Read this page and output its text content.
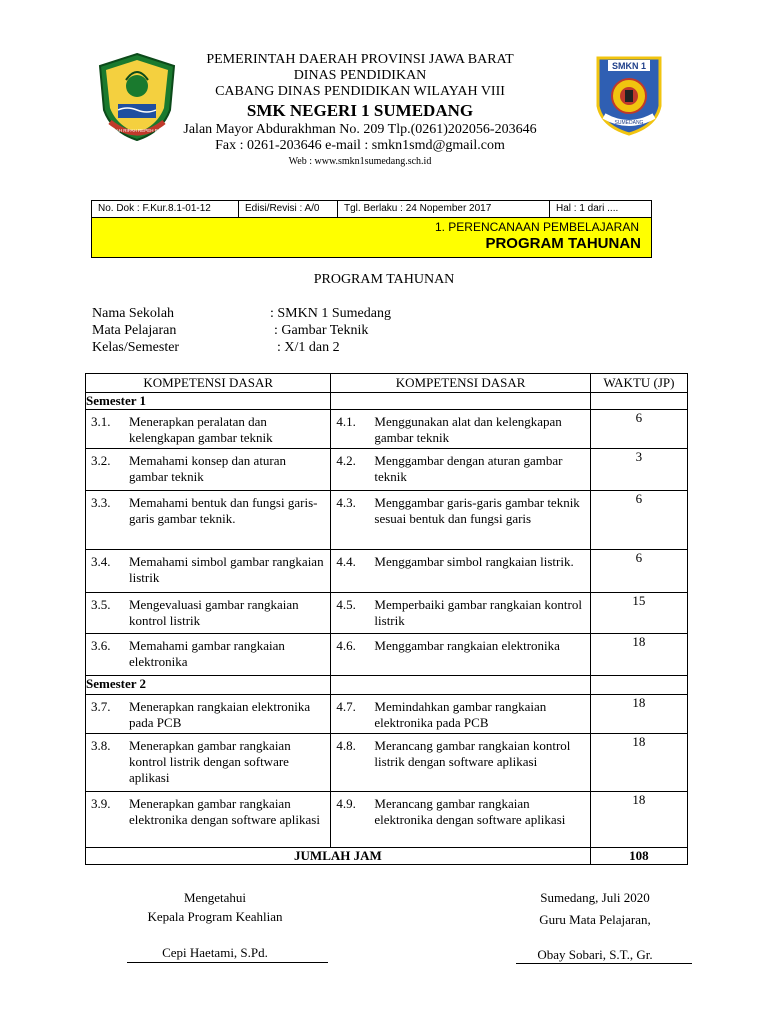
GEMAH RIPAH REPEH RAPIH
SMKN 1
SUMEDANG
PEMERINTAH DAERAH PROVINSI JAWA BARAT
DINAS PENDIDIKAN
CABANG DINAS PENDIDIKAN WILAYAH VIII
SMK NEGERI 1 SUMEDANG
Jalan Mayor Abdurakhman No. 209 Tlp.(0261)202056-203646
Fax : 0261-203646 e-mail : smkn1smd@gmail.com
Web : www.smkn1sumedang.sch.id
No. Dok : F.Kur.8.1-01-12	Edisi/Revisi : A/0	Tgl. Berlaku : 24 Nopember 2017	Hal : 1 dari ....
1. PERENCANAAN PEMBELAJARAN
PROGRAM TAHUNAN
PROGRAM TAHUNAN
Nama Sekolah	: SMKN 1 Sumedang
Mata Pelajaran	: Gambar Teknik
Kelas/Semester	: X/1 dan 2
KOMPETENSI DASAR	KOMPETENSI DASAR	WAKTU (JP)
Semester 1		

3.1. Menerapkan peralatan dan kelengkapan gambar teknik	4.1. Menggunakan alat dan kelengkapan gambar teknik	6

3.2. Memahami konsep dan aturan gambar teknik	4.2. Menggambar dengan aturan gambar teknik	3

3.3. Memahami bentuk dan fungsi garis-garis gambar teknik.	4.3. Menggambar garis-garis gambar teknik sesuai bentuk dan fungsi garis	6

3.4. Memahami simbol gambar rangkaian listrik	4.4. Menggambar simbol rangkaian listrik.	6

3.5. Mengevaluasi gambar rangkaian kontrol listrik	4.5. Memperbaiki gambar rangkaian kontrol listrik	15

3.6. Memahami gambar rangkaian elektronika	4.6. Menggambar rangkaian elektronika	18
Semester 2		

3.7. Menerapkan rangkaian elektronika pada PCB	4.7. Memindahkan gambar rangkaian elektronika pada PCB	18

3.8. Menerapkan gambar rangkaian kontrol listrik dengan software aplikasi	4.8. Merancang gambar rangkaian kontrol listrik dengan software aplikasi	18

3.9. Menerapkan gambar rangkaian elektronika dengan software aplikasi	4.9. Merancang gambar rangkaian elektronika dengan software aplikasi	18
JUMLAH JAM		108
Mengetahui
Kepala Program Keahlian
Cepi Haetami, S.Pd.
Sumedang, Juli 2020
Guru Mata Pelajaran,
Obay Sobari, S.T., Gr.
